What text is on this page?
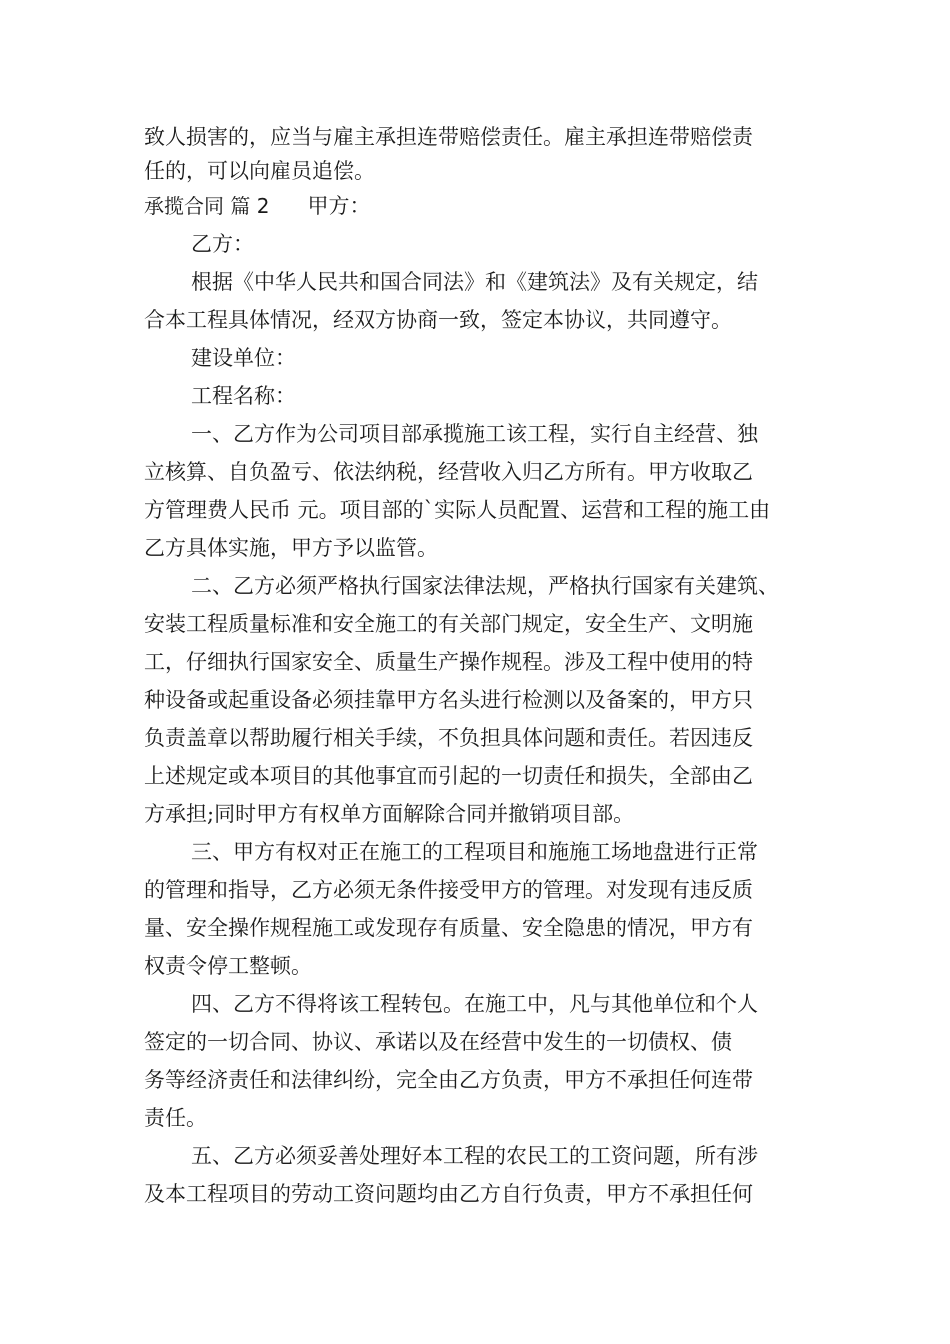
致人损害的，应当与雇主承担连带赔偿责任。雇主承担连带赔偿责
任的，可以向雇员追偿。
承揽合同 篇 2 甲方：
乙方：
根据《中华人民共和国合同法》和《建筑法》及有关规定，结
合本工程具体情况，经双方协商一致，签定本协议，共同遵守。
建设单位：
工程名称：
一、乙方作为公司项目部承揽施工该工程，实行自主经营、独
立核算、自负盈亏、依法纳税，经营收入归乙方所有。甲方收取乙
方管理费人民币 元。项目部的`实际人员配置、运营和工程的施工由
乙方具体实施，甲方予以监管。
二、乙方必须严格执行国家法律法规，严格执行国家有关建筑、
安装工程质量标准和安全施工的有关部门规定，安全生产、文明施
工，仔细执行国家安全、质量生产操作规程。涉及工程中使用的特
种设备或起重设备必须挂靠甲方名头进行检测以及备案的，甲方只
负责盖章以帮助履行相关手续，不负担具体问题和责任。若因违反
上述规定或本项目的其他事宜而引起的一切责任和损失，全部由乙
方承担;同时甲方有权单方面解除合同并撤销项目部。
三、甲方有权对正在施工的工程项目和施施工场地盘进行正常
的管理和指导，乙方必须无条件接受甲方的管理。对发现有违反质
量、安全操作规程施工或发现存有质量、安全隐患的情况，甲方有
权责令停工整顿。
四、乙方不得将该工程转包。在施工中，凡与其他单位和个人
签定的一切合同、协议、承诺以及在经营中发生的一切债权、债
务等经济责任和法律纠纷，完全由乙方负责，甲方不承担任何连带
责任。
五、乙方必须妥善处理好本工程的农民工的工资问题，所有涉
及本工程项目的劳动工资问题均由乙方自行负责，甲方不承担任何
